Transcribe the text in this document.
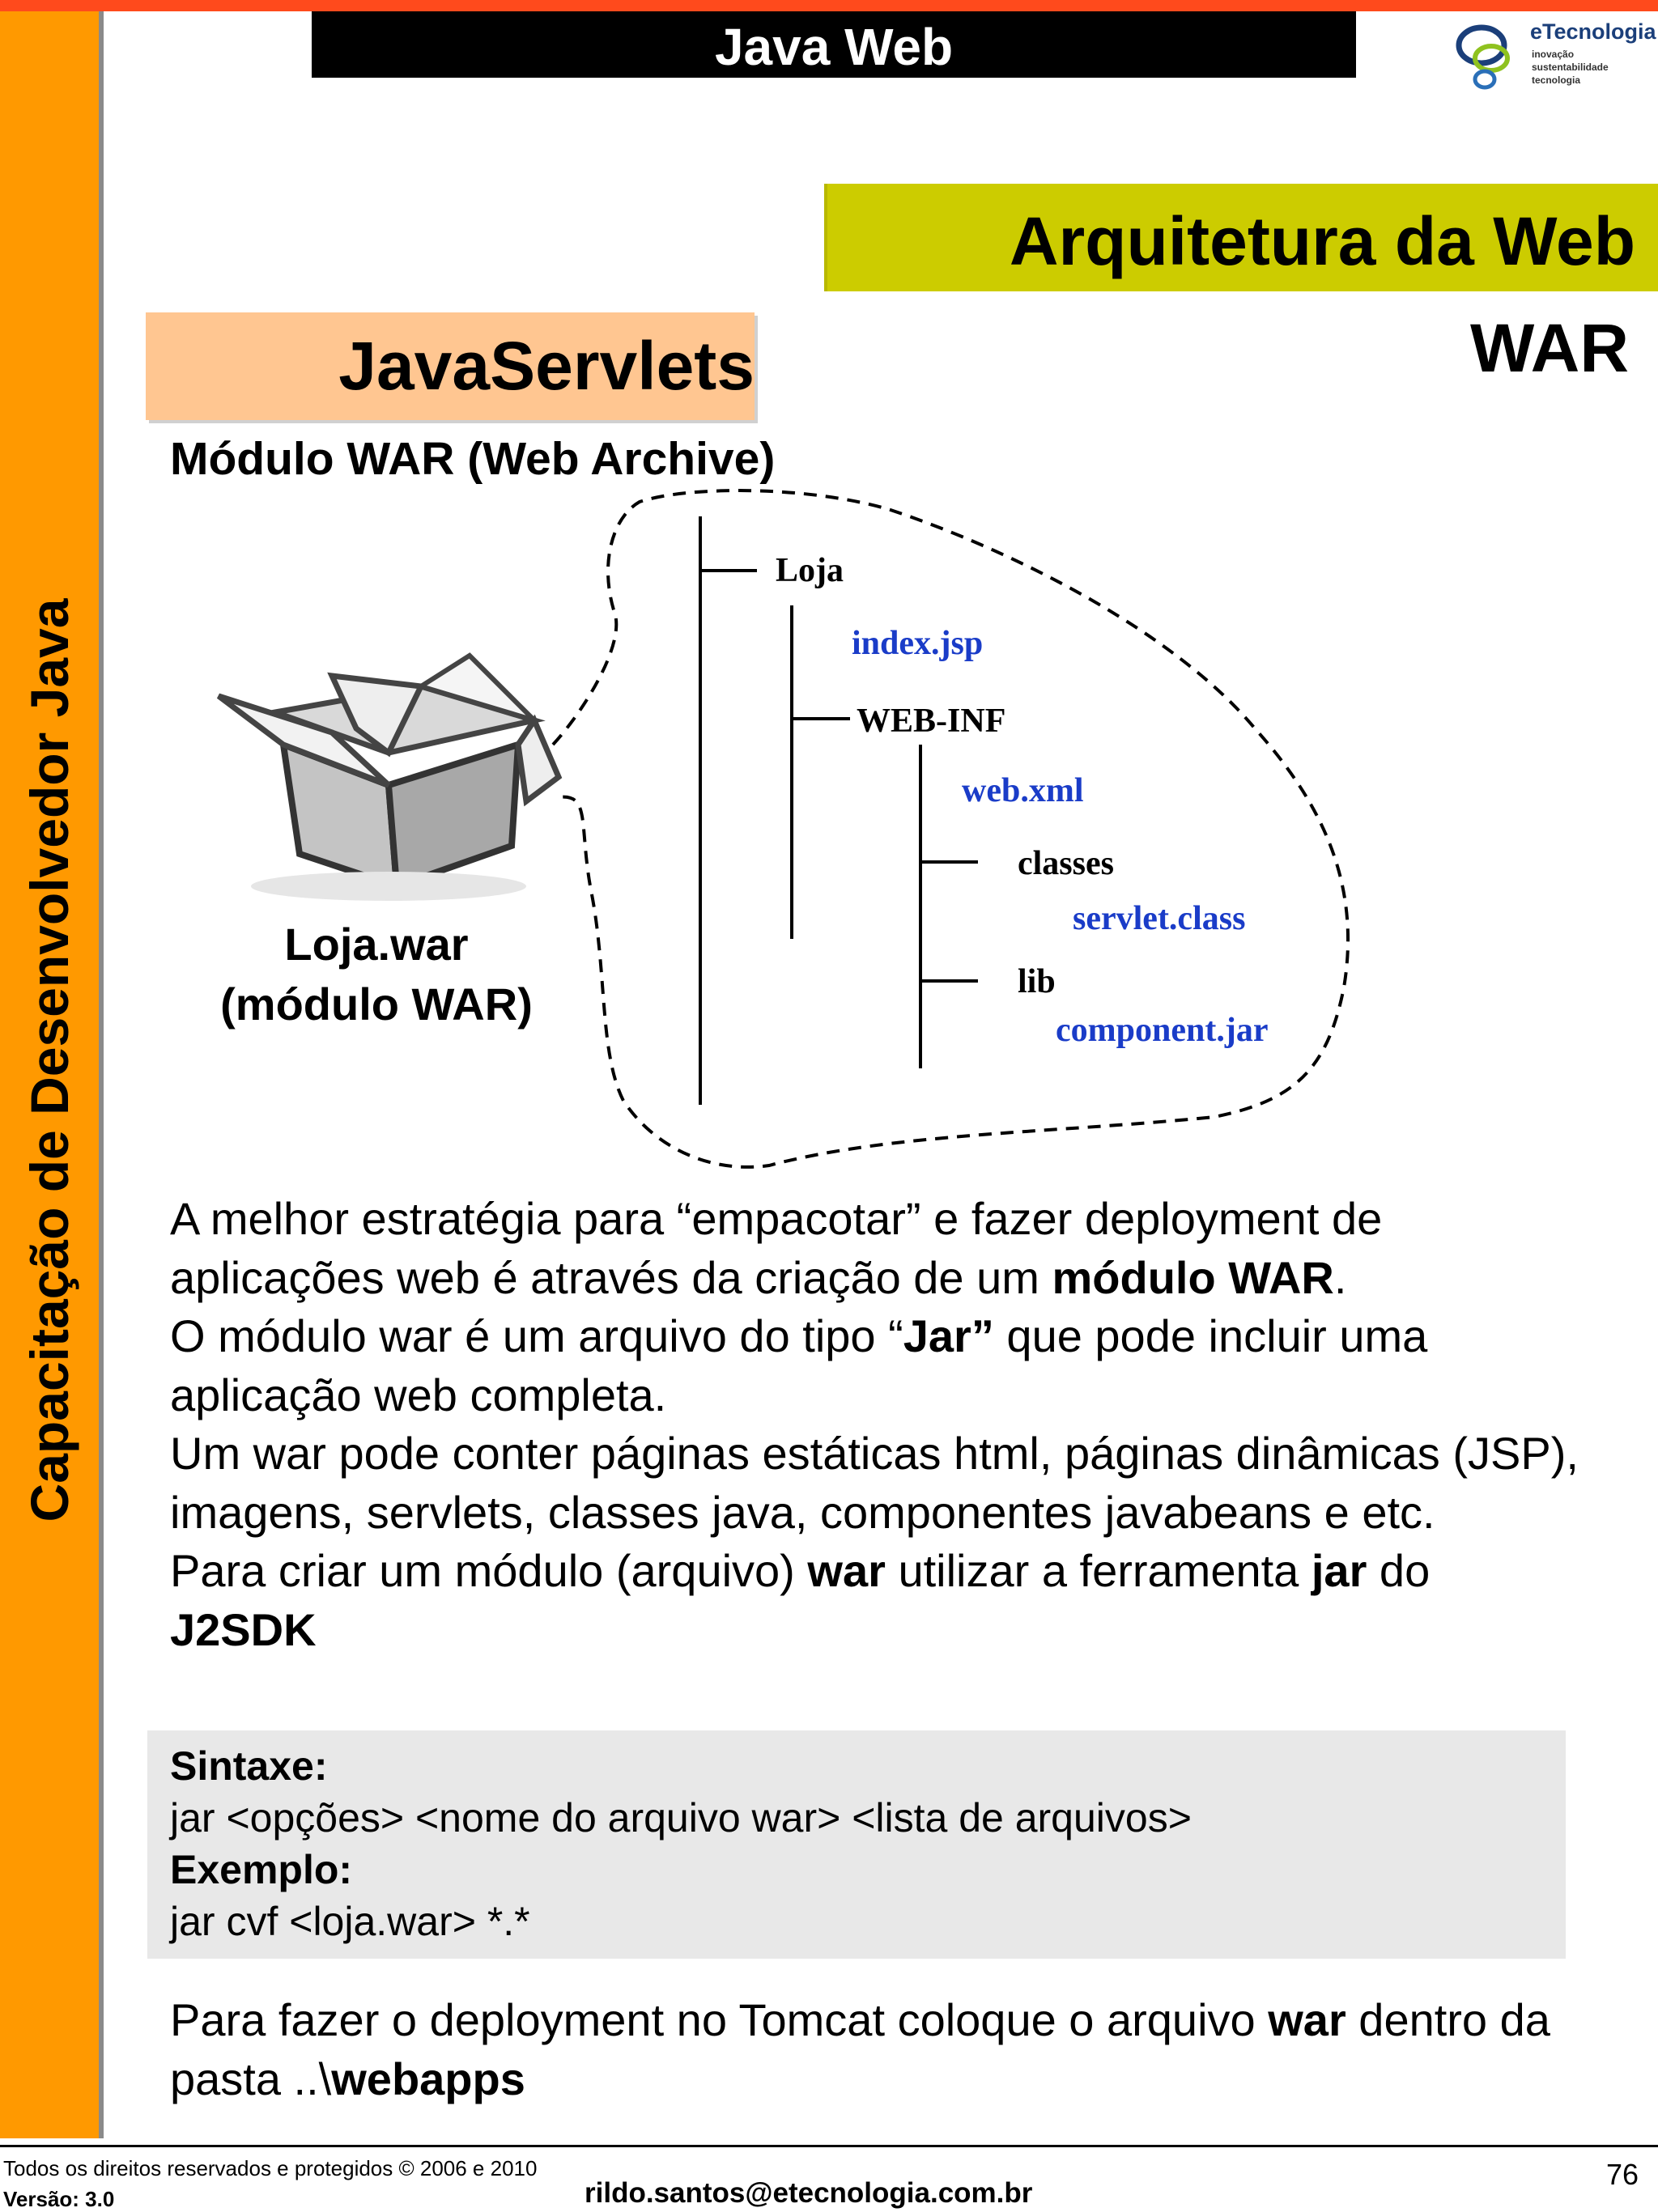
Capacitação de Desenvolvedor Java
Java Web	eTecnologia
inovação
sustentabilidade
tecnologia
Arquitetura da Web
JavaServlets	WAR
Módulo WAR (Web Archive)
Loja
index.jsp
WEB-INF
web.xml
classes
servlet.class
lib
component.jar
Loja.war
(módulo WAR)

A melhor estratégia para “empacotar” e fazer deployment de aplicações web é através da criação de um módulo WAR.

O módulo war é um arquivo do tipo “Jar” que pode incluir uma aplicação web completa.

Um war pode conter páginas estáticas html, páginas dinâmicas (JSP), imagens, servlets, classes java, componentes javabeans e etc.

Para criar um módulo (arquivo) war utilizar a ferramenta jar do J2SDK

Sintaxe:
jar <opções> <nome do arquivo war> <lista de arquivos>
Exemplo:
jar cvf <loja.war> *.*
Para fazer o deployment no Tomcat coloque o arquivo war dentro da pasta ..\webapps
Todos os direitos reservados e protegidos © 2006 e 2010
Versão: 3.0	rildo.santos@etecnologia.com.br
76
